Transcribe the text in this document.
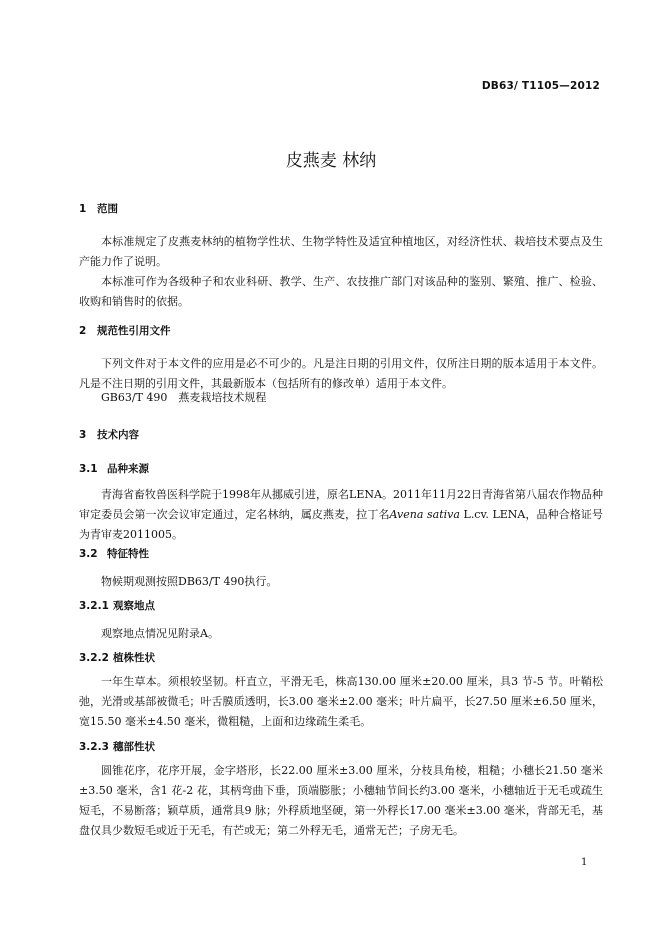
DB63/ T1105—2012
皮燕麦 林纳
1 范围
本标准规定了皮燕麦林纳的植物学性状、生物学特性及适宜种植地区，对经济性状、栽培技术要点及生产能力作了说明。
本标准可作为各级种子和农业科研、教学、生产、农技推广部门对该品种的鉴别、繁殖、推广、检验、收购和销售时的依据。
2 规范性引用文件
下列文件对于本文件的应用是必不可少的。凡是注日期的引用文件，仅所注日期的版本适用于本文件。凡是不注日期的引用文件，其最新版本（包括所有的修改单）适用于本文件。
GB63/T 490　燕麦栽培技术规程
3 技术内容
3.1 品种来源
青海省畜牧兽医科学院于1998年从挪威引进，原名LENA。2011年11月22日青海省第八届农作物品种审定委员会第一次会议审定通过，定名林纳，属皮燕麦，拉丁名Avena sativa L.cv. LENA，品种合格证号为青审麦2011005。
3.2 特征特性
物候期观测按照DB63/T 490执行。
3.2.1 观察地点
观察地点情况见附录A。
3.2.2 植株性状
一年生草本。须根较坚韧。杆直立，平滑无毛，株高130.00 厘米±20.00 厘米，具3 节-5 节。叶鞘松弛，光滑或基部被微毛；叶舌膜质透明，长3.00 毫米±2.00 毫米；叶片扁平，长27.50 厘米±6.50 厘米，宽15.50 毫米±4.50 毫米，微粗糙，上面和边缘疏生柔毛。
3.2.3 穗部性状
圆锥花序，花序开展，金字塔形，长22.00 厘米±3.00 厘米，分枝具角棱，粗糙；小穗长21.50 毫米±3.50 毫米，含1 花-2 花，其柄弯曲下垂，顶端膨胀；小穗轴节间长约3.00 毫米，小穗轴近于无毛或疏生短毛，不易断落；颖草质，通常具9 脉；外稃质地坚硬，第一外稃长17.00 毫米±3.00 毫米，背部无毛，基盘仅具少数短毛或近于无毛，有芒或无；第二外稃无毛，通常无芒；子房无毛。
1
